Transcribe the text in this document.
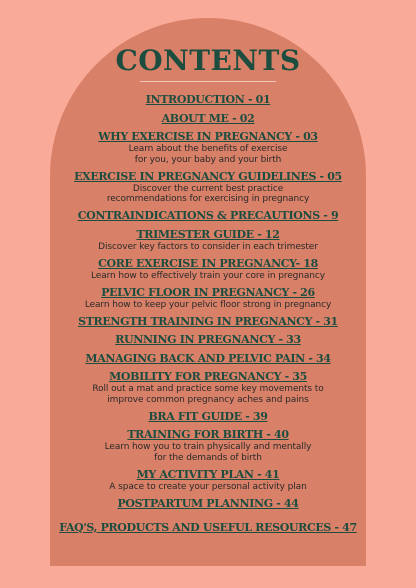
CONTENTS
INTRODUCTION - 01
ABOUT ME - 02
WHY EXERCISE IN PREGNANCY - 03
Learn about the benefits of exercise
for you, your baby and your birth
EXERCISE IN PREGNANCY GUIDELINES - 05
Discover the current best practice
recommendations for exercising in pregnancy
CONTRAINDICATIONS & PRECAUTIONS - 9
TRIMESTER GUIDE - 12
Discover key factors to consider in each trimester
CORE EXERCISE IN PREGNANCY- 18
Learn how to effectively train your core in pregnancy
PELVIC FLOOR IN PREGNANCY - 26
Learn how to keep your pelvic floor strong in pregnancy
STRENGTH TRAINING IN PREGNANCY - 31
RUNNING IN PREGNANCY - 33
MANAGING BACK AND PELVIC PAIN - 34
MOBILITY FOR PREGNANCY - 35
Roll out a mat and practice some key movements to
improve common pregnancy aches and pains
BRA FIT GUIDE - 39
TRAINING FOR BIRTH - 40
Learn how you to train physically and mentally
for the demands of birth
MY ACTIVITY PLAN - 41
A space to create your personal activity plan
POSTPARTUM PLANNING - 44
FAQ'S, PRODUCTS AND USEFUL RESOURCES - 47
